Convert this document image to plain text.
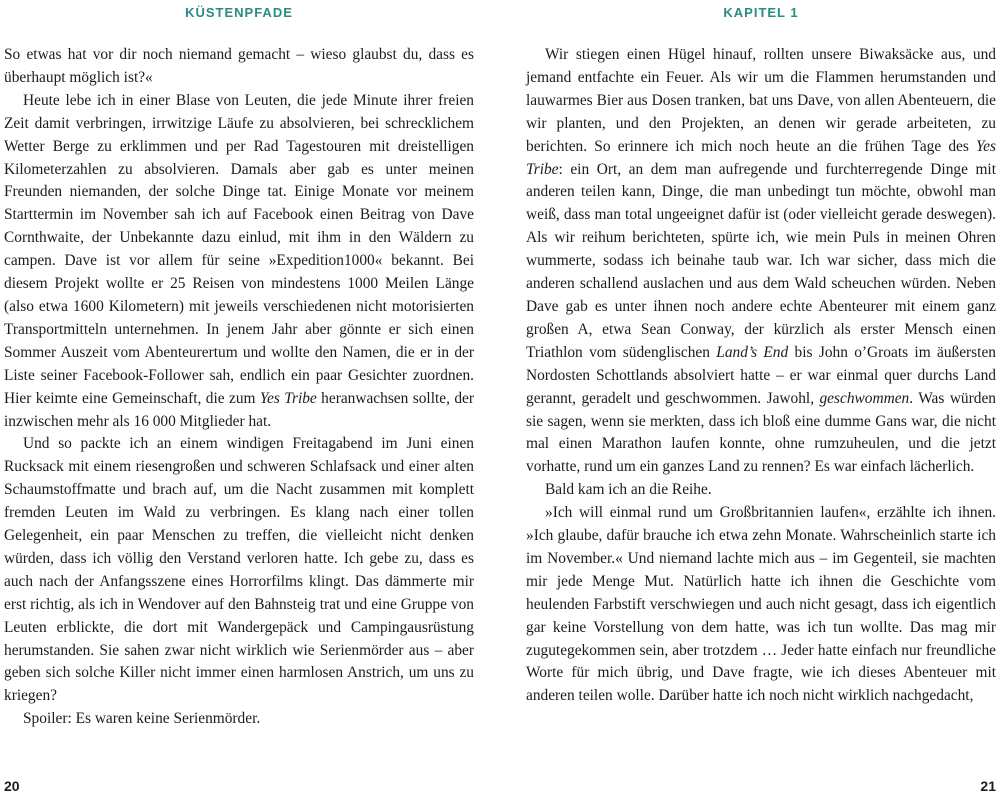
KÜSTENPFADE

So etwas hat vor dir noch niemand gemacht – wieso glaubst du, dass es überhaupt möglich ist?«

Heute lebe ich in einer Blase von Leuten, die jede Minute ihrer freien Zeit damit verbringen, irrwitzige Läufe zu absolvieren, bei schrecklichem Wetter Berge zu erklimmen und per Rad Tagestouren mit dreistelligen Kilometerzahlen zu absolvieren. Damals aber gab es unter meinen Freunden niemanden, der solche Dinge tat. Einige Monate vor meinem Starttermin im November sah ich auf Facebook einen Beitrag von Dave Cornthwaite, der Unbekannte dazu einlud, mit ihm in den Wäldern zu campen. Dave ist vor allem für seine »Expedition1000« bekannt. Bei diesem Projekt wollte er 25 Reisen von mindestens 1000 Meilen Länge (also etwa 1600 Kilometern) mit jeweils verschiedenen nicht motorisierten Transportmitteln unternehmen. In jenem Jahr aber gönnte er sich einen Sommer Auszeit vom Abenteurertum und wollte den Namen, die er in der Liste seiner Facebook-Follower sah, endlich ein paar Gesichter zuordnen. Hier keimte eine Gemeinschaft, die zum Yes Tribe heranwachsen sollte, der inzwischen mehr als 16 000 Mitglieder hat.

Und so packte ich an einem windigen Freitagabend im Juni einen Rucksack mit einem riesengroßen und schweren Schlafsack und einer alten Schaumstoffmatte und brach auf, um die Nacht zusammen mit komplett fremden Leuten im Wald zu verbringen. Es klang nach einer tollen Gelegenheit, ein paar Menschen zu treffen, die vielleicht nicht denken würden, dass ich völlig den Verstand verloren hatte. Ich gebe zu, dass es auch nach der Anfangsszene eines Horrorfilms klingt. Das dämmerte mir erst richtig, als ich in Wendover auf den Bahnsteig trat und eine Gruppe von Leuten erblickte, die dort mit Wandergepäck und Campingausrüstung herumstanden. Sie sahen zwar nicht wirklich wie Serienmörder aus – aber geben sich solche Killer nicht immer einen harmlosen Anstrich, um uns zu kriegen?

Spoiler: Es waren keine Serienmörder.

20
KAPITEL 1

Wir stiegen einen Hügel hinauf, rollten unsere Biwaksäcke aus, und jemand entfachte ein Feuer. Als wir um die Flammen herumstanden und lauwarmes Bier aus Dosen tranken, bat uns Dave, von allen Abenteuern, die wir planten, und den Projekten, an denen wir gerade arbeiteten, zu berichten. So erinnere ich mich noch heute an die frühen Tage des Yes Tribe: ein Ort, an dem man aufregende und furchterregende Dinge mit anderen teilen kann, Dinge, die man unbedingt tun möchte, obwohl man weiß, dass man total ungeeignet dafür ist (oder vielleicht gerade deswegen). Als wir reihum berichteten, spürte ich, wie mein Puls in meinen Ohren wummerte, sodass ich beinahe taub war. Ich war sicher, dass mich die anderen schallend auslachen und aus dem Wald scheuchen würden. Neben Dave gab es unter ihnen noch andere echte Abenteurer mit einem ganz großen A, etwa Sean Conway, der kürzlich als erster Mensch einen Triathlon vom südenglischen Land’s End bis John o’Groats im äußersten Nordosten Schottlands absolviert hatte – er war einmal quer durchs Land gerannt, geradelt und geschwommen. Jawohl, geschwommen. Was würden sie sagen, wenn sie merkten, dass ich bloß eine dumme Gans war, die nicht mal einen Marathon laufen konnte, ohne rumzuheulen, und die jetzt vorhatte, rund um ein ganzes Land zu rennen? Es war einfach lächerlich.

Bald kam ich an die Reihe.

»Ich will einmal rund um Großbritannien laufen«, erzählte ich ihnen. »Ich glaube, dafür brauche ich etwa zehn Monate. Wahrscheinlich starte ich im November.« Und niemand lachte mich aus – im Gegenteil, sie machten mir jede Menge Mut. Natürlich hatte ich ihnen die Geschichte vom heulenden Farbstift verschwiegen und auch nicht gesagt, dass ich eigentlich gar keine Vorstellung von dem hatte, was ich tun wollte. Das mag mir zugutegekommen sein, aber trotzdem … Jeder hatte einfach nur freundliche Worte für mich übrig, und Dave fragte, wie ich dieses Abenteuer mit anderen teilen wolle. Darüber hatte ich noch nicht wirklich nachgedacht,

21
